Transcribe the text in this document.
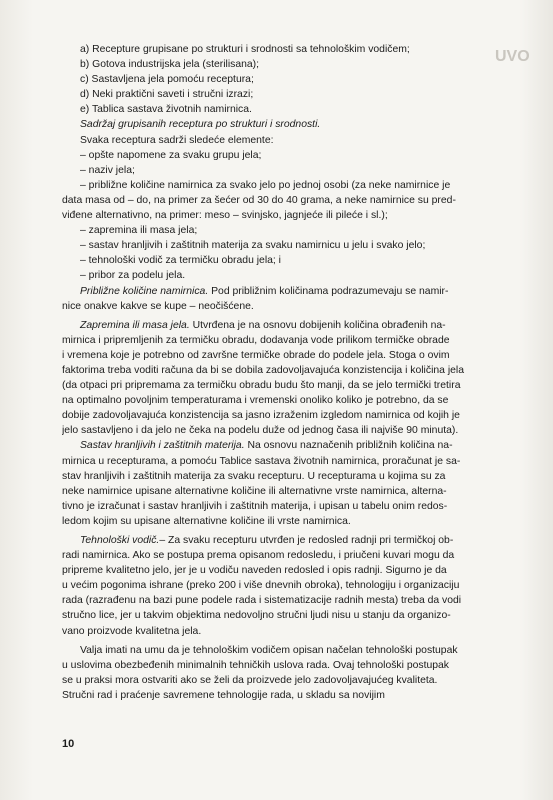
UVO
a) Recepture grupisane po strukturi i srodnosti sa tehnološkim vodičem;
b) Gotova industrijska jela (sterilisana);
c) Sastavljena jela pomoću receptura;
d) Neki praktični saveti i stručni izrazi;
e) Tablica sastava životnih namirnica.
Sadržaj grupisanih receptura po strukturi i srodnosti.
Svaka receptura sadrži sledeće elemente:
– opšte napomene za svaku grupu jela;
– naziv jela;
– približne količine namirnica za svako jelo po jednoj osobi (za neke namirnice je
data masa od – do, na primer za šećer od 30 do 40 grama, a neke namirnice su pred-
viđene alternativno, na primer: meso – svinjsko, jagnjeće ili pileće i sl.);
– zapremina ili masa jela;
– sastav hranljivih i zaštitnih materija za svaku namirnicu u jelu i svako jelo;
– tehnološki vodič za termičku obradu jela; i
– pribor za podelu jela.
Približne količine namirnica. Pod približnim količinama podrazumevaju se namir-
nice onakve kakve se kupe – neočišćene.
Zapremina ili masa jela. Utvrđena je na osnovu dobijenih količina obrađenih na-
mirnica i pripremljenih za termičku obradu, dodavanja vode prilikom termičke obrade
i vremena koje je potrebno od završne termičke obrade do podele jela. Stoga o ovim
faktorima treba voditi računa da bi se dobila zadovoljavajuća konzistencija i količina jela
(da otpaci pri pripremama za termičku obradu budu što manji, da se jelo termički tretira
na optimalno povoljnim temperaturama i vremenski onoliko koliko je potrebno, da se
dobije zadovoljavajuća konzistencija sa jasno izraženim izgledom namirnica od kojih je
jelo sastavljeno i da jelo ne čeka na podelu duže od jednog časa ili najviše 90 minuta).
Sastav hranljivih i zaštitnih materija. Na osnovu naznačenih približnih količina na-
mirnica u recepturama, a pomoću Tablice sastava životnih namirnica, proračunat je sa-
stav hranljivih i zaštitnih materija za svaku recepturu. U recepturama u kojima su za
neke namirnice upisane alternativne količine ili alternativne vrste namirnica, alterna-
tivno je izračunat i sastav hranljivih i zaštitnih materija, i upisan u tabelu onim redos-
ledom kojim su upisane alternativne količine ili vrste namirnica.
Tehnološki vodič.– Za svaku recepturu utvrđen je redosled radnji pri termičkoj ob-
radi namirnica. Ako se postupa prema opisanom redosledu, i priučeni kuvari mogu da
pripreme kvalitetno jelo, jer je u vodiču naveden redosled i opis radnji. Sigurno je da
u većim pogonima ishrane (preko 200 i više dnevnih obroka), tehnologiju i organizaciju
rada (razrađenu na bazi pune podele rada i sistematizacije radnih mesta) treba da vodi
stručno lice, jer u takvim objektima nedovoljno stručni ljudi nisu u stanju da organizo-
vano proizvode kvalitetna jela.
Valja imati na umu da je tehnološkim vodičem opisan načelan tehnološki postupak
u uslovima obezbeđenih minimalnih tehničkih uslova rada. Ovaj tehnološki postupak
se u praksi mora ostvariti ako se želi da proizvede jelo zadovoljavajućeg kvaliteta.
Stručni rad i praćenje savremene tehnologije rada, u skladu sa novijim
10
